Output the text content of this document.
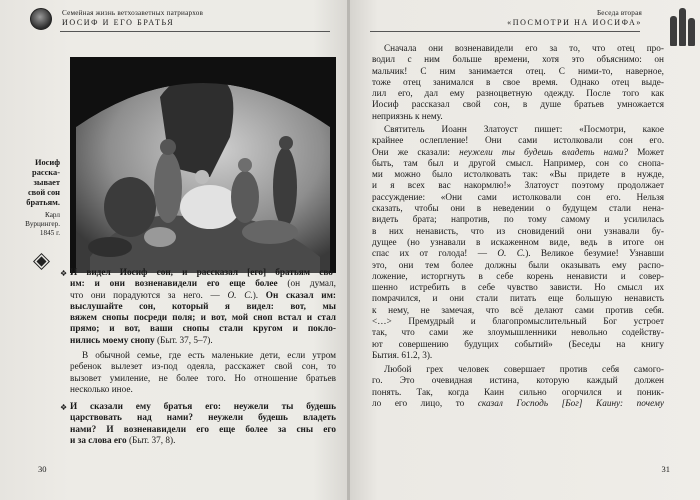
Семейная жизнь ветхозаветных патриархов
ИОСИФ И ЕГО БРАТЬЯ
Иосиф
расска-
зывает
свой сон
братьям.
Карл
Вурцингер.
1845 г.
❖ И видел Иосиф сон, и рассказал [его] братьям сво-
им: и они возненавидели его еще более (он думал,
что они порадуются за него. — О. С.). Он сказал им:
выслушайте сон, который я видел: вот, мы
вяжем снопы посреди поля; и вот, мой сноп встал и стал
прямо; и вот, ваши снопы стали кругом и покло-
нились моему снопу (Быт. 37, 5–7).
В обычной семье, где есть маленькие дети, если утром
ребенок вылезет из-под одеяла, расскажет свой сон, то
вызовет умиление, не более того. Но отношение братьев
несколько иное.
❖ И сказали ему братья его: неужели ты будешь
царствовать над нами? неужели будешь владеть
нами? И возненавидели его еще более за сны его
и за слова его (Быт. 37, 8).
30
Беседа вторая
«ПОСМОТРИ НА ИОСИФА»
Сначала они возненавидели его за то, что отец про-
водил с ним больше времени, хотя это объяснимо: он
мальчик! С ним занимается отец. С ними-то, наверное,
тоже отец занимался в свое время. Однако отец выде-
лил его, дал ему разноцветную одежду. После того как
Иосиф рассказал свой сон, в душе братьев умножается
неприязнь к нему.
Святитель Иоанн Златоуст пишет: «Посмотри, какое
крайнее ослепление! Они сами истолковали сон его.
Они же сказали: неужели ты будешь владеть нами? Может
быть, там был и другой смысл. Например, сон со снопа-
ми можно было истолковать так: «Вы придете в нужде,
и я всех вас накормлю!» Златоуст поэтому продолжает
рассуждение: «Они сами истолковали сон его. Нельзя
сказать, чтобы они в неведении о будущем стали нена-
видеть брата; напротив, по тому самому и усилилась
в них ненависть, что из сновидений они узнавали бу-
дущее (но узнавали в искаженном виде, ведь в итоге он
спас их от голода! — О. С.). Великое безумие! Узнавши
это, они тем более должны были оказывать ему распо-
ложение, исторгнуть в себе корень ненависти и совер-
шенно истребить в себе чувство зависти. Но смысл их
помрачился, и они стали питать еще большую ненависть
к нему, не замечая, что всё делают сами против себя.
<…> Премудрый и благопромыслительный Бог устроет
так, что сами же злоумышленники невольно содейству-
ют совершению будущих событий» (Беседы на книгу
Бытия. 61.2, 3).
Любой грех человек совершает против себя самого-
го. Это очевидная истина, которую каждый должен
понять. Так, когда Каин сильно огорчился и поник-
ло его лицо, то сказал Господь [Бог] Каину: почему
31
